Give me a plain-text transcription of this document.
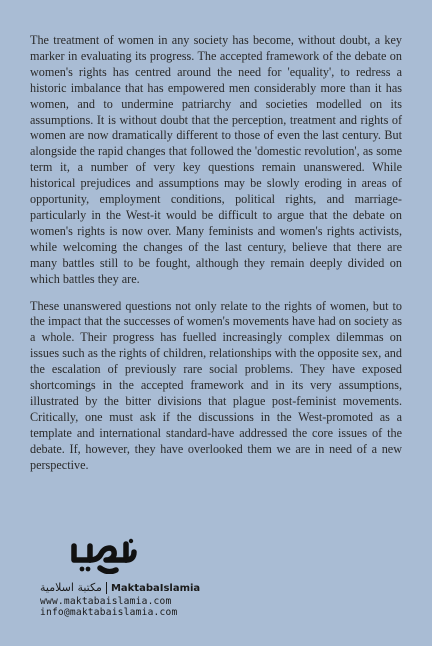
The treatment of women in any society has become, without doubt, a key marker in evaluating its progress. The accepted framework of the debate on women's rights has centred around the need for 'equality', to redress a historic imbalance that has empowered men considerably more than it has women, and to undermine patriarchy and societies modelled on its assumptions. It is without doubt that the perception, treatment and rights of women are now dramatically different to those of even the last century. But alongside the rapid changes that followed the 'domestic revolution', as some term it, a number of very key questions remain unanswered. While historical prejudices and assumptions may be slowly eroding in areas of opportunity, employment conditions, political rights, and marriage-particularly in the West-it would be difficult to argue that the debate on women's rights is now over. Many feminists and women's rights activists, while welcoming the changes of the last century, believe that there are many battles still to be fought, although they remain deeply divided on which battles they are.

These unanswered questions not only relate to the rights of women, but to the impact that the successes of women's movements have had on society as a whole. Their progress has fuelled increasingly complex dilemmas on issues such as the rights of children, relationships with the opposite sex, and the escalation of previously rare social problems. They have exposed shortcomings in the accepted framework and in its very assumptions, illustrated by the bitter divisions that plague post-feminist movements. Critically, one must ask if the discussions in the West-promoted as a template and international standard-have addressed the core issues of the debate. If, however, they have overlooked them we are in need of a new perspective.

مكتبة اسلامية MaktabaIslamia
www.maktabaislamia.com
info@maktabaislamia.com
